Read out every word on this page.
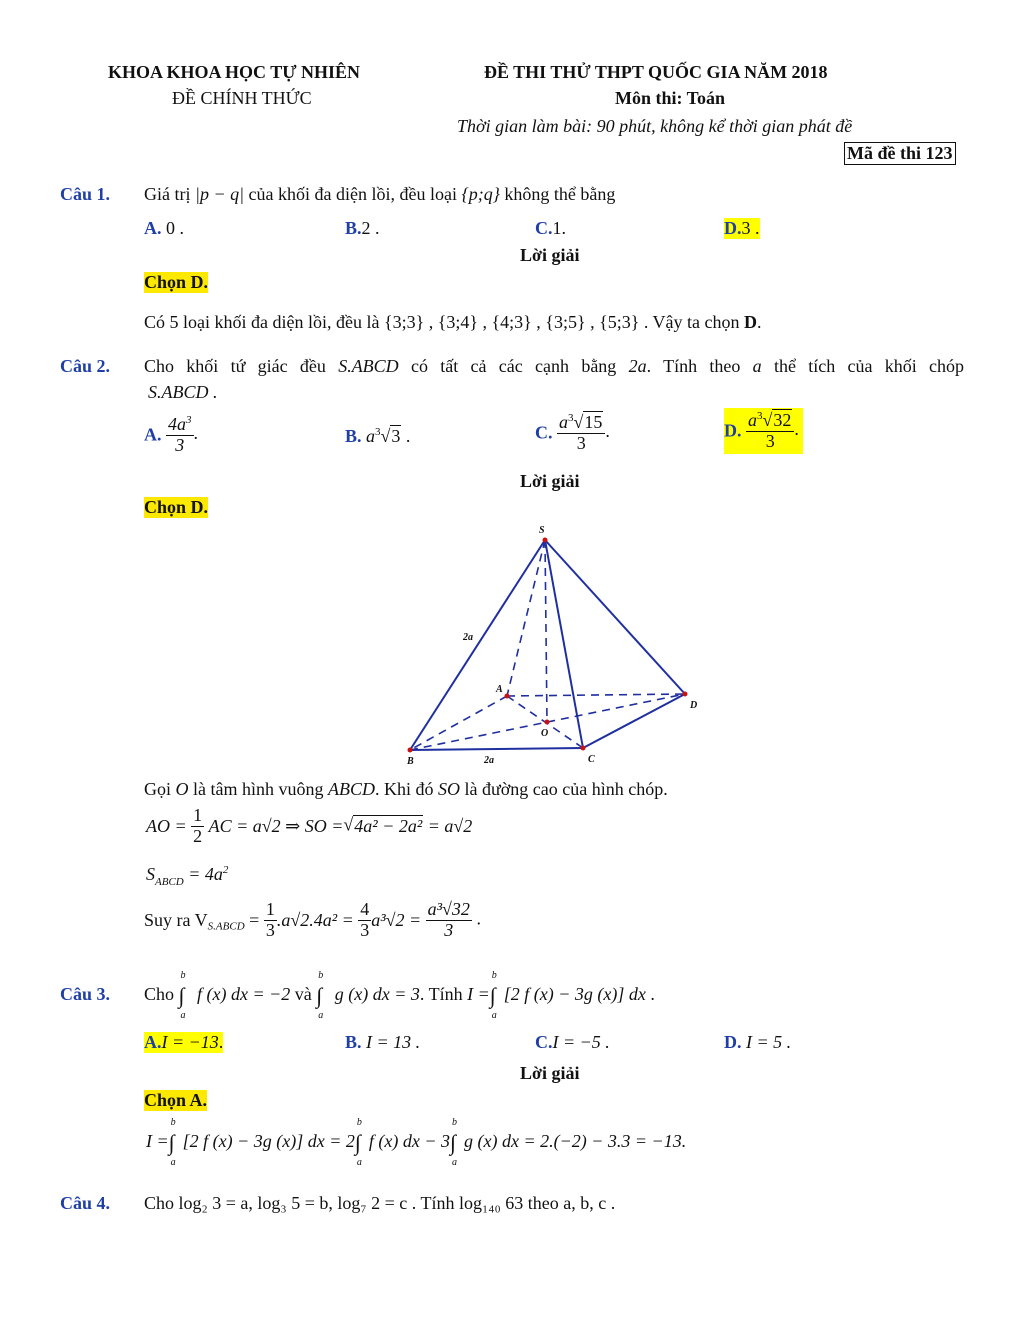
KHOA KHOA HỌC TỰ NHIÊN
ĐỀ CHÍNH THỨC
ĐỀ THI THỬ THPT QUỐC GIA NĂM 2018
Môn thi: Toán
Thời gian làm bài: 90 phút, không kể thời gian phát đề
Mã đề thi 123
Câu 1. Giá trị |p − q| của khối đa diện lồi, đều loại {p;q} không thể bằng
A. 0 .	B.2 .	C.1.	D.3 .
Lời giải
Chọn D.
Có 5 loại khối đa diện lồi, đều là {3;3} , {3;4} , {4;3} , {3;5} , {5;3} . Vậy ta chọn D.
Câu 2. Cho khối tứ giác đều S.ABCD có tất cả các cạnh bằng 2a. Tính theo a thể tích của khối chóp
S.ABCD .
A. $\frac{4a^3}{3}$ .	B. $a^3√3$ .	C. $\frac{a^3√15}{3}$ .	D. $\frac{a^3√32}{3}$ .
Lời giải
Chọn D.
S
A
B	C
D
O
2a
2a
Gọi O là tâm hình vuông ABCD. Khi đó SO là đường cao của hình chóp.
AO = $\frac{1}{2}$ AC = a√2 ⇒ SO =√4a² − 2a² = a√2
$S_{ABCD} = 4a^2$
Suy ra $V_{S.ABCD} = \frac{1}{3} .a√2.4a^2 = \frac{4}{3} a^3√2 = \frac{\text{a³√32}}{3}$ .
Câu 3. Cho ∫
b
a
f (x) dx = −2 và ∫
b
a
g (x) dx = 3. Tính I =∫
b
a
[2 f (x) − 3g (x)] dx .
A.I = −13.	B. I = 13 .	C.I = −5 .	D. I = 5 .
Lời giải
Chọn A.
I =∫
b
a
[2 f (x) − 3g (x)] dx = 2∫
b
a
f (x) dx − 3∫
b
a
g (x) dx = 2.(−2) − 3.3 = −13.
Câu 4. Cho log₂ 3 = a, log₃ 5 = b, log₇ 2 = c . Tính log₁₄₀ 63 theo a, b, c .
